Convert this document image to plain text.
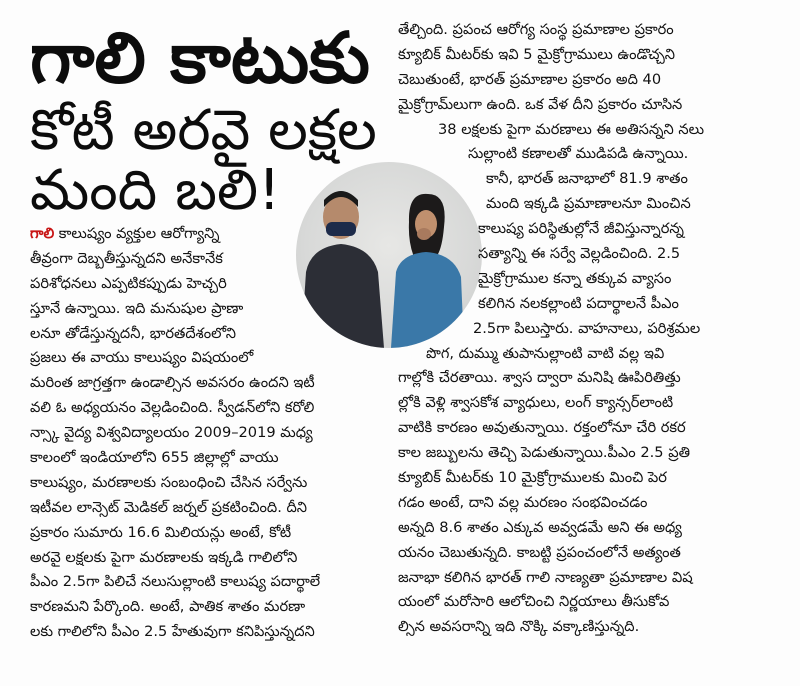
గాలి కాటుకు
కోటీ అరవై లక్షల
మంది బలి!
గాలి కాలుష్యం వ్యక్తుల ఆరోగ్యాన్ని
తీవ్రంగా దెబ్బతీస్తున్నదని అనేకానేక
పరిశోధనలు ఎప్పటికప్పుడు హెచ్చరి
స్తూనే ఉన్నాయి. ఇది మనుషుల ప్రాణా
లనూ తోడేస్తున్నదనీ, భారతదేశంలోని
ప్రజలు ఈ వాయు కాలుష్యం విషయంలో
మరింత జాగ్రత్తగా ఉండాల్సిన అవసరం ఉందని ఇటీ
వలి ఓ అధ్యయనం వెల్లడించింది. స్వీడన్‌లోని కరోలి
న్స్కా వైద్య విశ్వవిద్యాలయం 2009–2019 మధ్య
కాలంలో ఇండియాలోని 655 జిల్లాల్లో వాయు
కాలుష్యం, మరణాలకు సంబంధించి చేసిన సర్వేను
ఇటీవల లాన్సెట్ మెడికల్ జర్నల్ ప్రకటించింది. దీని
ప్రకారం సుమారు 16.6 మిలియన్లు అంటే, కోటీ
అరవై లక్షలకు పైగా మరణాలకు ఇక్కడి గాలిలోని
పీఎం 2.5గా పిలిచే నలుసుల్లాంటి కాలుష్య పదార్థాలే
కారణమని పేర్కొంది. అంటే, పాతిక శాతం మరణా
లకు గాలిలోని పీఎం 2.5 హేతువుగా కనిపిస్తున్నదని
తేల్చింది. ప్రపంచ ఆరోగ్య సంస్థ ప్రమాణాల ప్రకారం
క్యూబిక్ మీటర్‌కు ఇవి 5 మైక్రోగ్రాములు ఉండొచ్చని
చెబుతుంటే, భారత్ ప్రమాణాల ప్రకారం అది 40
మైక్రోగ్రామ్‌లుగా ఉంది. ఒక వేళ దీని ప్రకారం చూసిన
38 లక్షలకు పైగా మరణాలు ఈ అతిసన్నని నలు
సుల్లాంటి కణాలతో ముడిపడి ఉన్నాయి.
కానీ, భారత్ జనాభాలో 81.9 శాతం
మంది ఇక్కడి ప్రమాణాలనూ మించిన
కాలుష్య పరిస్థితుల్లోనే జీవిస్తున్నారన్న
సత్యాన్ని ఈ సర్వే వెల్లడించింది. 2.5
మైక్రోగ్రాముల కన్నా తక్కువ వ్యాసం
కలిగిన నలకల్లాంటి పదార్థాలనే పీఎం
2.5గా పిలుస్తారు. వాహనాలు, పరిశ్రమల
పొగ, దుమ్ము తుపానుల్లాంటి వాటి వల్ల ఇవి
గాల్లోకి చేరతాయి. శ్వాస ద్వారా మనిషి ఊపిరితిత్తు
ల్లోకి వెళ్లి శ్వాసకోశ వ్యాధులు, లంగ్ క్యాన్సర్‌లాంటి
వాటికి కారణం అవుతున్నాయి. రక్తంలోనూ చేరి రకర
కాల జబ్బులను తెచ్చి పెడుతున్నాయి.పీఎం 2.5 ప్రతి
క్యూబిక్ మీటర్‌కు 10 మైక్రోగ్రాములకు మించి పెర
గడం అంటే, దాని వల్ల మరణం సంభవించడం
అన్నది 8.6 శాతం ఎక్కువ అవ్వడమే అని ఈ అధ్య
యనం చెబుతున్నది. కాబట్టి ప్రపంచంలోనే అత్యంత
జనాభా కలిగిన భారత్ గాలి నాణ్యతా ప్రమాణాల విష
యంలో మరోసారి ఆలోచించి నిర్ణయాలు తీసుకోవ
ల్సిన అవసరాన్ని ఇది నొక్కి వక్కాణిస్తున్నది.
